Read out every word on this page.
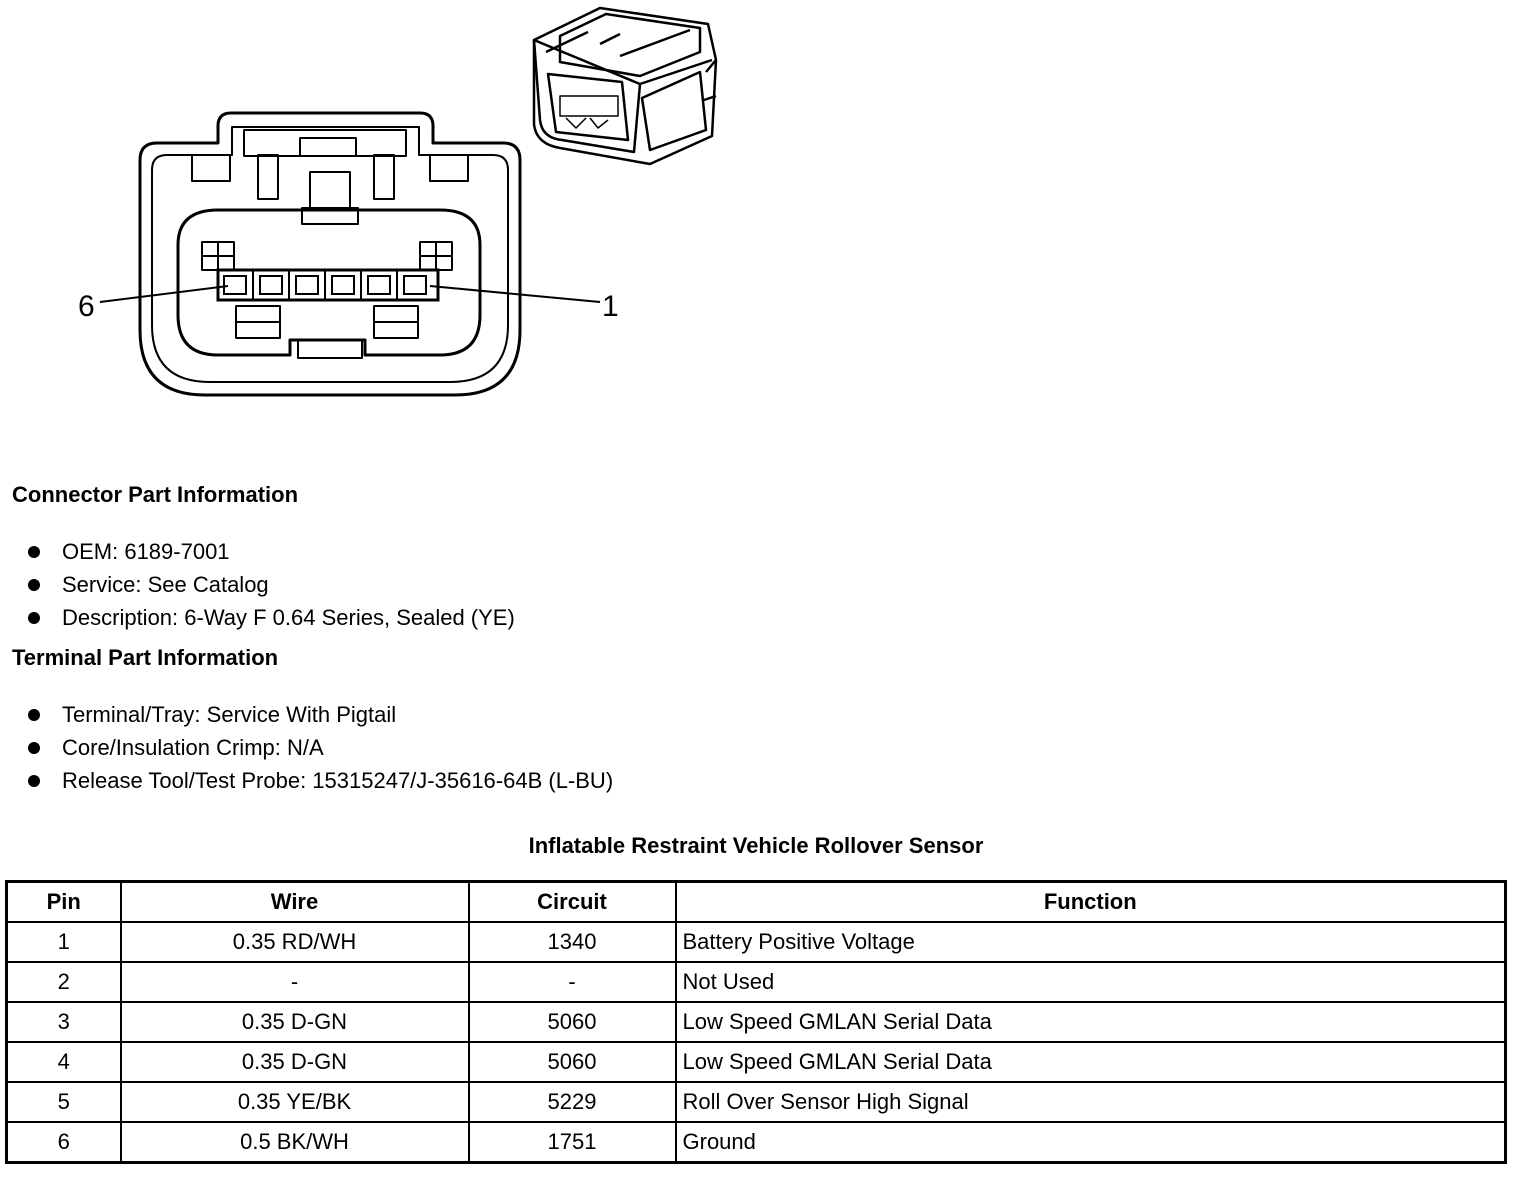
6	1
Connector Part Information
OEM: 6189-7001
Service: See Catalog
Description: 6-Way F 0.64 Series, Sealed (YE)
Terminal Part Information
Terminal/Tray: Service With Pigtail
Core/Insulation Crimp: N/A
Release Tool/Test Probe: 15315247/J-35616-64B (L-BU)
Inflatable Restraint Vehicle Rollover Sensor
Pin	Wire	Circuit	Function
1	0.35 RD/WH	1340	Battery Positive Voltage
2	-	-	Not Used
3	0.35 D-GN	5060	Low Speed GMLAN Serial Data
4	0.35 D-GN	5060	Low Speed GMLAN Serial Data
5	0.35 YE/BK	5229	Roll Over Sensor High Signal
6	0.5 BK/WH	1751	Ground
